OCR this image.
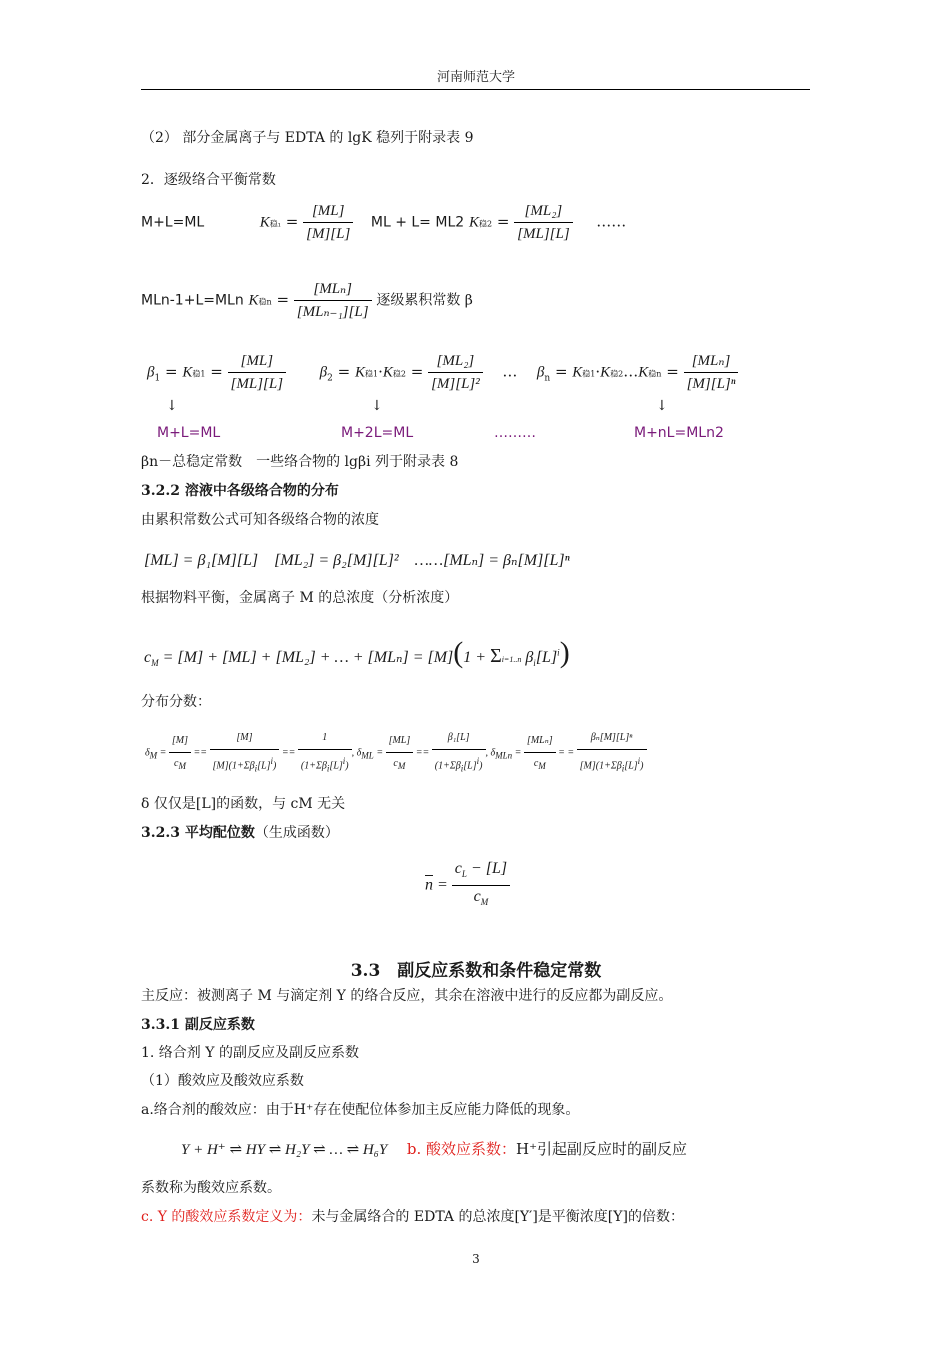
河南师范大学
（2） 部分金属离子与 EDTA 的 lgK 稳列于附录表 9
2．逐级络合平衡常数
M+L=ML	K稳$_1 = \frac{[ML]}{[M][L]}$ ML + L= ML2 K稳$2 = \frac{\text{[ML₂]}}{[ML][L]}$ ……
MLn-1+L=MLn K稳$n = \frac{\text{[MLₙ]}}{\text{[MLₙ₋₁][L]}}$ 逐级累积常数 β
$\beta_1 = K$稳$1 = \frac{[ML]}{[ML][L]} \beta_2 = K$稳1·K稳$2 = \frac{\text{[ML₂]}}{\text{[M][L]²}}$ … $\beta_n = K$稳1·K稳2…K稳$n = \frac{\text{[MLₙ]}}{\text{[M][L]ⁿ}}$
↓	↓	↓
M+L=ML	M+2L=ML	………	M+nL=MLn2
βn－总稳定常数　一些络合物的 lgβi 列于附录表 8
3.2.2 溶液中各级络合物的分布
由累积常数公式可知各级络合物的浓度
[ML] = β₁[M][L]　[ML₂] = β₂[M][L]²　……[MLₙ] = βₙ[M][L]ⁿ
根据物料平衡，金属离子 M 的总浓度（分析浓度）
$c_M = [M] + [ML] + [ML_2]$ + … + [MLₙ] = [M](1 + Σi=1..n $\beta_i[L]^i$)
分布分数：
$\delta_M = \frac{[M]}{c_M} == \frac{[M]}{[M](1+\Sigma\beta_i[L]^i)} == \frac{1}{(1+\Sigma\beta_i[L]^i)}$ , $\delta_{ML} = \frac{[ML]}{c_M} == \frac{\text{β₁[L]}}{(1+\Sigma\beta_i[L]^i)}$ , $\delta_{MLn} = \frac{\text{[MLₙ]}}{c_M}$ = = $\frac{\text{βₙ[M][L]ⁿ}}{[M](1+\Sigma\beta_i[L]^i)}$
δ 仅仅是[L]的函数，与 cM 无关
3.2.3 平均配位数（生成函数）
$\overline{n} = \frac{c_L - [L]}{c_M}$
3.3　副反应系数和条件稳定常数
主反应：被测离子 M 与滴定剂 Y 的络合反应，其余在溶液中进行的反应都为副反应。
3.3.1 副反应系数
1. 络合剂 Y 的副反应及副反应系数
（1）酸效应及酸效应系数
a.络合剂的酸效应：由于H⁺存在使配位体参加主反应能力降低的现象。
Y + H⁺ ⇌ HY ⇌ H₂Y ⇌ … ⇌ H₆Y b. 酸效应系数：H⁺引起副反应时的副反应
系数称为酸效应系数。
c. Y 的酸效应系数定义为：未与金属络合的 EDTA 的总浓度[Y′]是平衡浓度[Y]的倍数：
3
